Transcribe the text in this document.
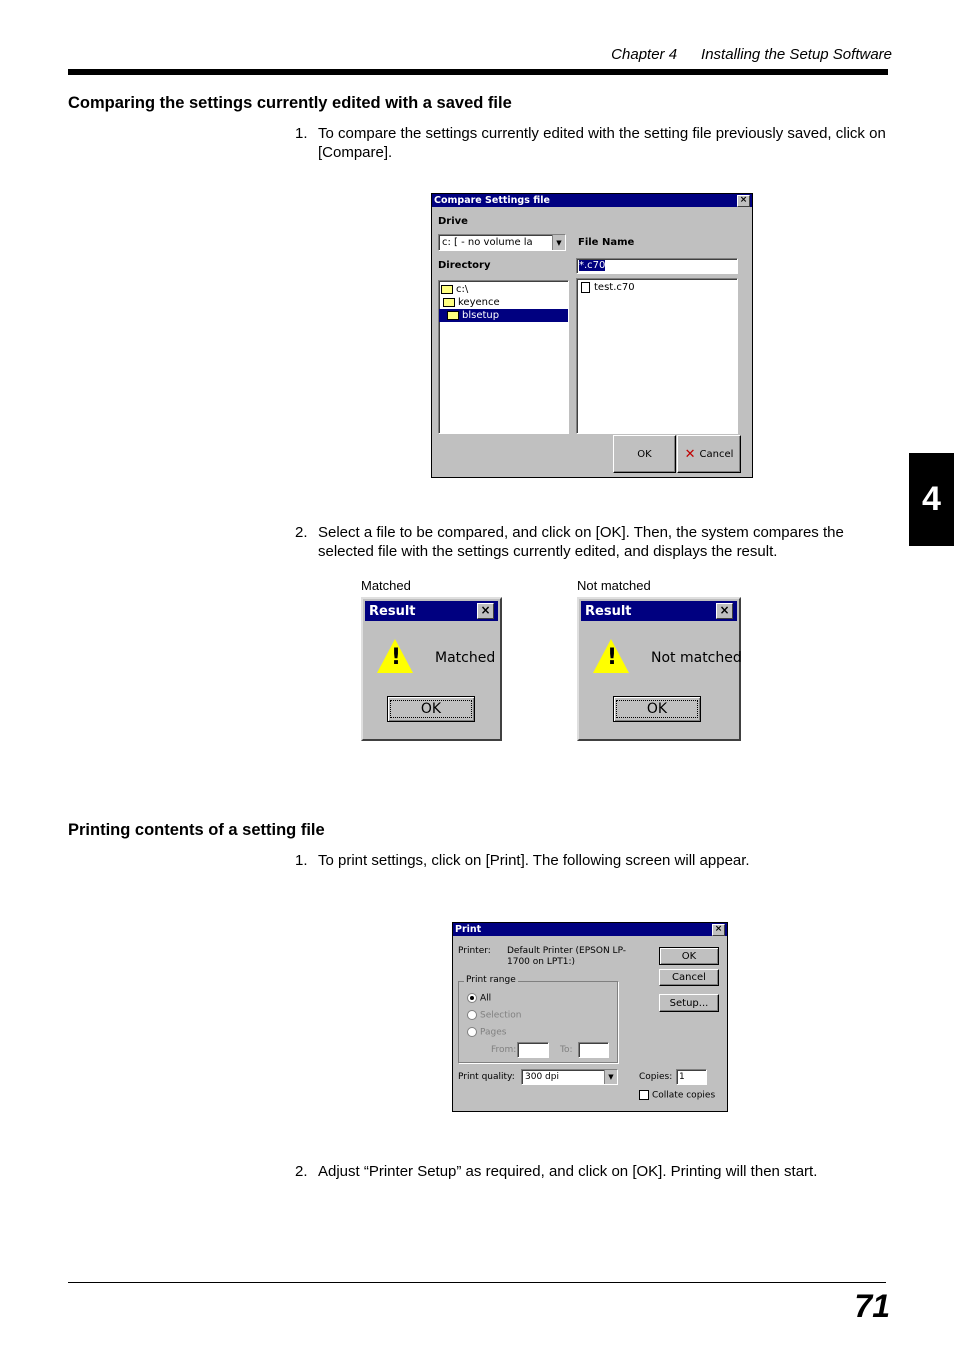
Chapter 4 Installing the Setup Software
4
Comparing the settings currently edited with a saved file
1. To compare the settings currently edited with the setting file previously saved, click on [Compare].
Compare Settings file	×
Drive
c: [ - no volume la	▼	File Name
Directory	*.c70
c:\
keyence
blsetup
test.c70
OK	✕ Cancel
2. Select a file to be compared, and click on [OK]. Then, the system compares the selected file with the settings currently edited, and displays the result.
Matched	Not matched
Result	×
! Matched
OK
Result	×
! Not matched
OK
Printing contents of a setting file
1. To print settings, click on [Print]. The following screen will appear.
Print	×
Printer: Default Printer (EPSON LP-1700 on LPT1:)
Print range
All
Selection
Pages
From:	To:
Print quality:	300 dpi	▼	Copies: 1
Collate copies
OK
Cancel
Setup...
2. Adjust “Printer Setup” as required, and click on [OK]. Printing will then start.
71
